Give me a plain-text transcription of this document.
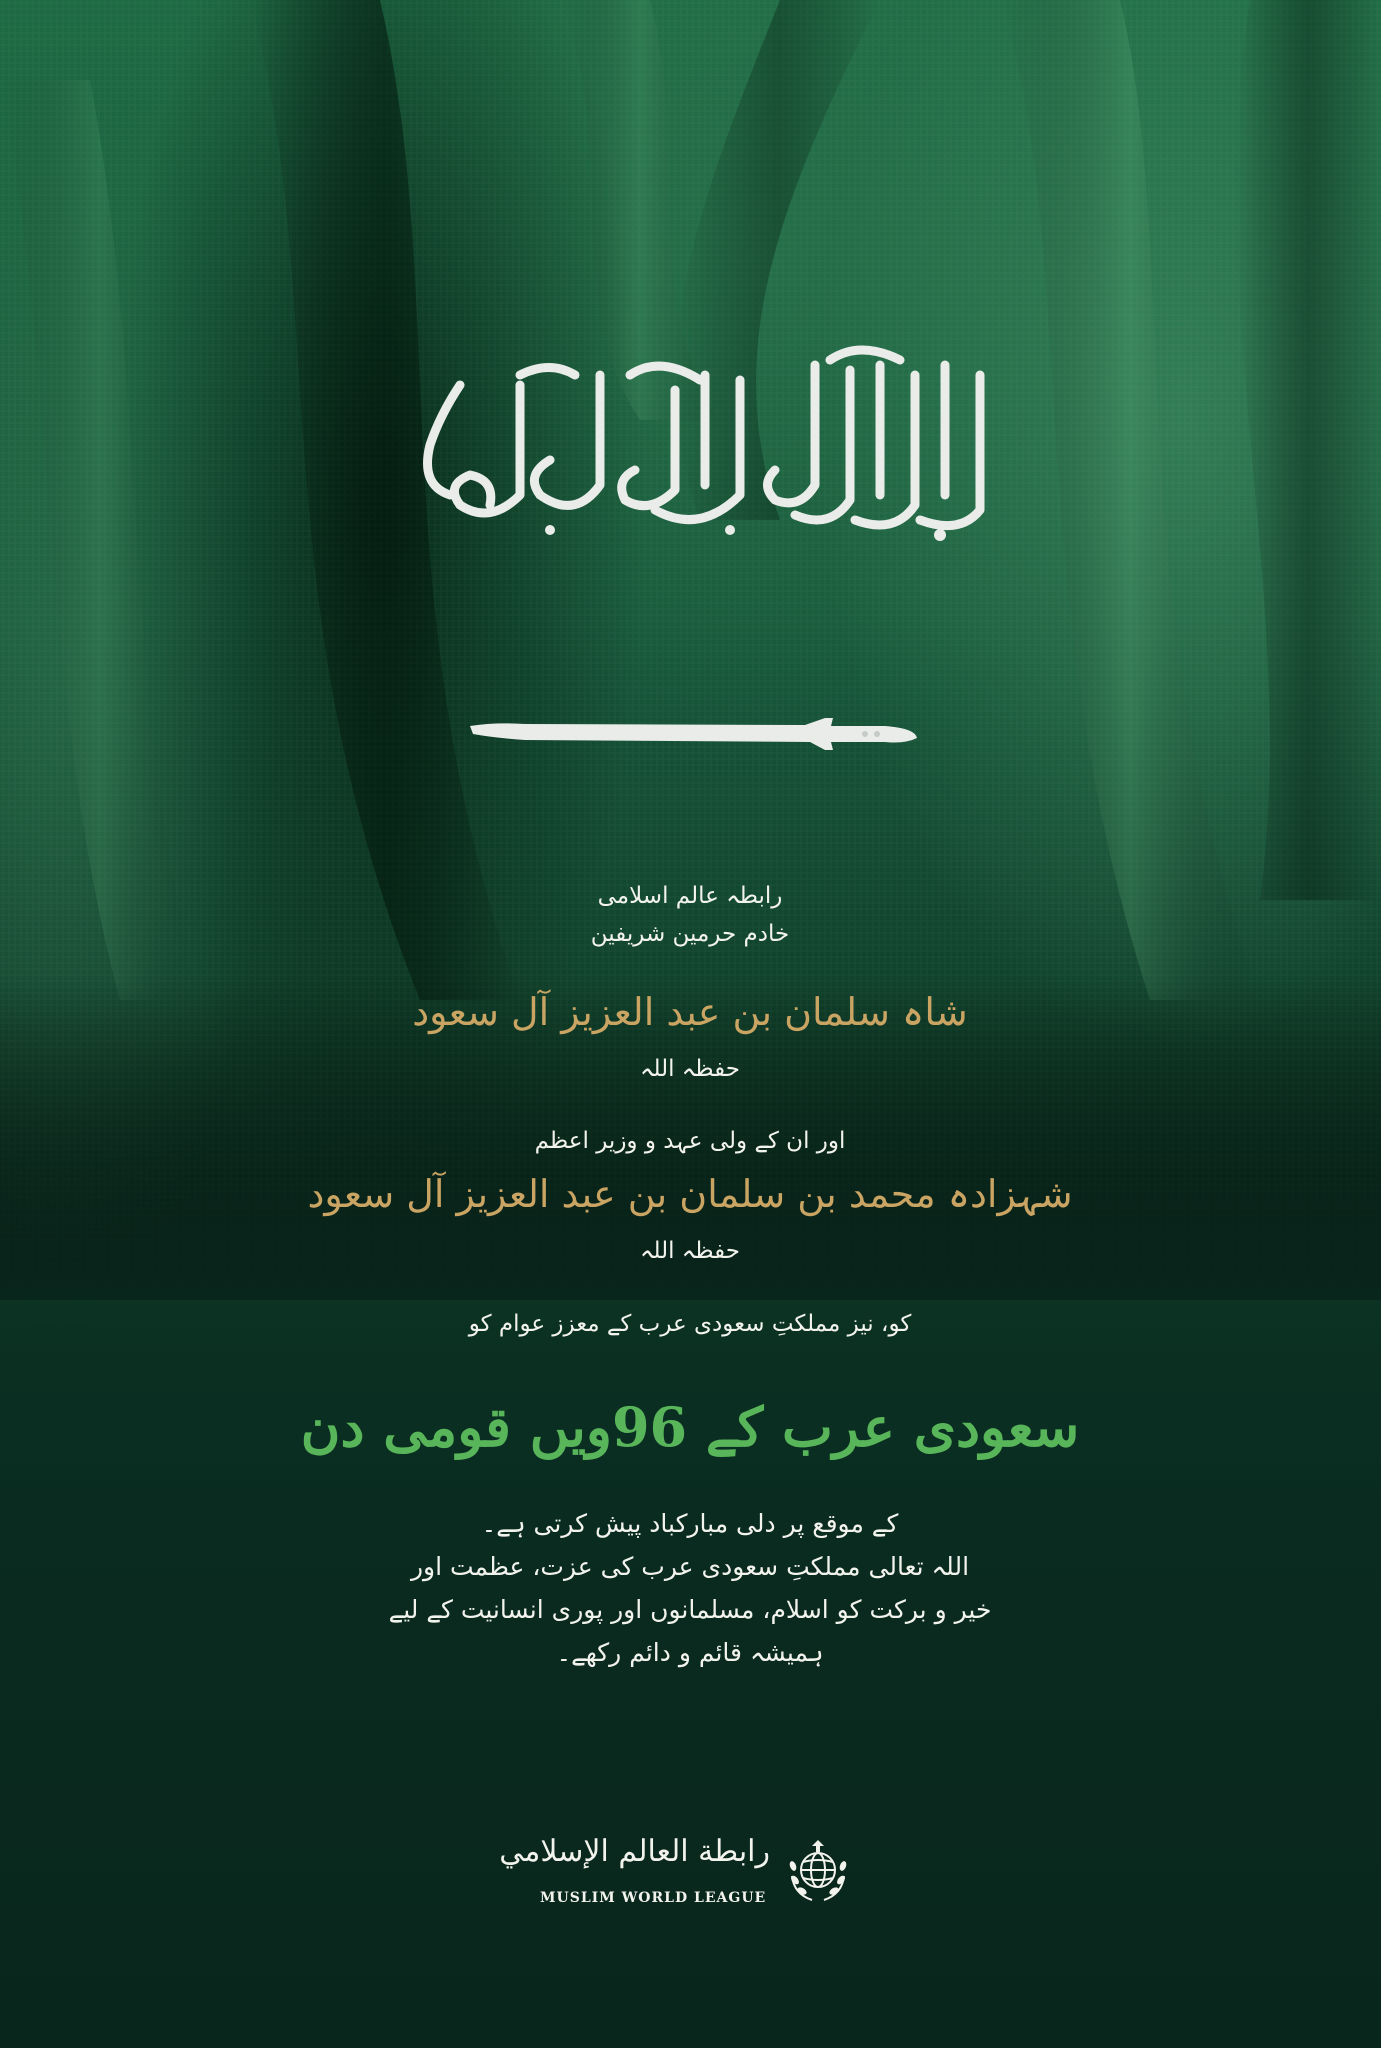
رابطہ عالم اسلامی
خادم حرمین شریفین
شاہ سلمان بن عبد العزیز آل سعود
حفظہ اللہ
اور ان کے ولی عہد و وزیر اعظم
شہزادہ محمد بن سلمان بن عبد العزیز آل سعود
حفظہ اللہ
کو، نیز مملکتِ سعودی عرب کے معزز عوام کو
سعودی عرب کے 96ویں قومی دن
کے موقع پر دلی مبارکباد پیش کرتی ہے۔
اللہ تعالی مملکتِ سعودی عرب کی عزت، عظمت اور
خیر و برکت کو اسلام، مسلمانوں اور پوری انسانیت کے لیے
ہمیشہ قائم و دائم رکھے۔
رابطة العالم الإسلامي
MUSLIM WORLD LEAGUE
